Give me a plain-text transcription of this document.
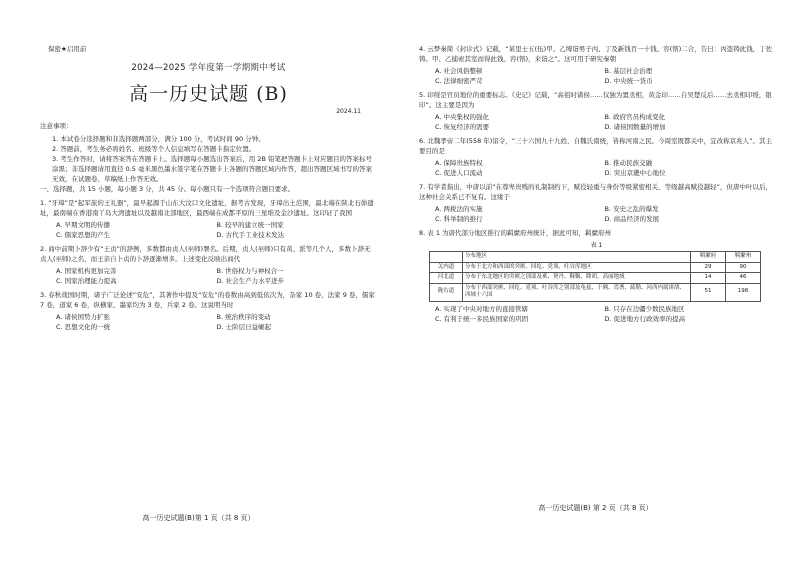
保密★启用前

2024—2025 学年度第一学期期中考试

高一历史试题 (B)

2024.11

注意事项：

1. 本试卷分选择题和非选择题两部分，满分 100 分，考试时间 90 分钟。

2. 答题前，考生务必将姓名、班级等个人信息填写在答题卡指定位置。

3. 考生作答时，请将答案答在答题卡上。选择题每小题选出答案后，用 2B 铅笔把答题卡上对应题目的答案标号涂黑；非选择题请用直径 0.5 毫米黑色墨水签字笔在答题卡上各题的答题区域内作答，超出答题区域书写的答案无效，在试题卷、草稿纸上作答无效。

一、选择题，共 15 小题，每小题 3 分，共 45 分。每小题只有一个选项符合题目要求。

1. “牙璋”是“起军旅的王礼器”，最早起源于山东大汶口文化遗址，据考古发现，牙璋出土范围，最北端在陕北石峁遗址，最南端在香港南丫岛大湾遗址以及越南北部地区，最西端在成都平原的三星堆及金沙遗址。这印证了我国

A. 早期文明的传播	B. 较早的建立统一国家
C. 儒家思想的产生	D. 古代手工业技术发达

2. 商中前期卜辞少有“王贞”的辞例，多数都由贞人(巫师)署名。后期，贞人(巫师)只有黄、派等几个人，多数卜辞无贞人(巫师)之名，而王亲自卜贞的卜辞逐渐增多。上述变化反映出商代

A. 国家机构更加完善	B. 世俗权力与神权合一
C. 国家治理能力提高	D. 社会生产力水平进步

3. 春秋战国时期，诸子广泛论述“安危”，其著作中提及“安危”的卷数由高到低依次为，杂家 10 卷，法家 9 卷，儒家 7 卷，道家 6 卷，纵横家、墨家均为 3 卷，兵家 2 卷。这说明当时

A. 诸侯国势力扩张	B. 统治秩序的变动
C. 思想文化的一统	D. 士阶层日益崛起
高一历史试题(B)第 1 页（共 8 页）

4. 云梦秦简《封诊式》记载，“某里士五(伍)甲、乙缚诣男子丙、丁及新钱百一十钱、容(镕)二合，告曰：丙盗铸此钱，丁佐铸。甲、乙捕索其室而得此钱、容(镕)，来诣之”。这可用于研究秦朝

A. 社会风俗整顿	B. 基层社会治理
C. 法律细密严苛	D. 中央统一货币

5. 印绶是官员地位的重要标志。《史记》记载，“高祖时诸侯……仅独为置丞相，黄金印……自吴楚反后……去丞相印绶，银印”。这主要是因为

A. 中央集权的强化	B. 政府官员构成变化
C. 恢复经济的需要	D. 诸侯国数量的增加

6. 北魏孝帝二年(558 年)诏令，“三十六国九十九姓，自魏氏南统，皆称河南之民。今周室既都关中，宜改称京兆人”。其主要目的是

A. 保障贵族特权	B. 推动民族交融
C. 促进人口流动	D. 突出京畿中心地位

7. 有学者指出，中唐以前“在尊卑贵贱的礼制制约下，赋役轻重与身份等级紧密相关，等级越高赋役越轻”，但唐中叶以后，这种社会关系已不复有。这缘于

A. 两税法的实施	B. 安史之乱的爆发
C. 科举制的推行	D. 商品经济的发展

8. 表 1 为唐代部分地区推行的羁縻府州统计，据此可知，羁縻府州

表 1

	分布地区	羁縻府	羁縻州
关内道	分布于北方和西部的突厥、回纥、党项、吐谷浑地区	29	90
河北道	分布于东北地区的突厥之别部及奚、契丹、靺鞨、降胡、高丽地域	14	46
陇右道	分布于西部突厥、回纥、党项、吐谷浑之别部及龟兹、于阗、焉耆、疏勒、河西内属诸胡、西域十六国	51	198
A. 实现了中央对地方的直接管辖	B. 只存在边疆少数民族地区
C. 有利于统一多民族国家的巩固	D. 促进地方行政效率的提高
高一历史试题(B) 第 2 页（共 8 页）
